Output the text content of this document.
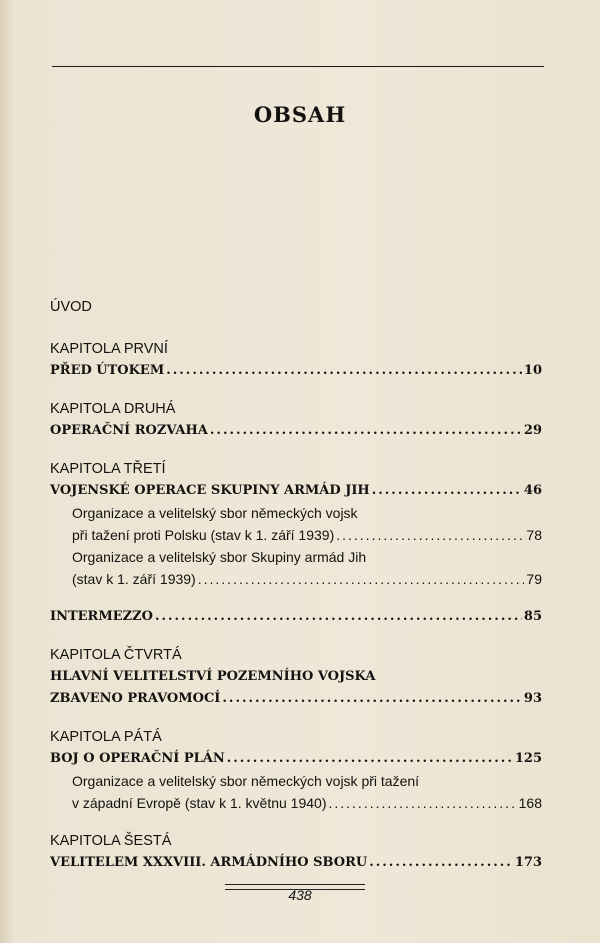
OBSAH
ÚVOD
KAPITOLA PRVNÍ
PŘED ÚTOKEM .....	10
KAPITOLA DRUHÁ
OPERAČNÍ ROZVAHA .....	29
KAPITOLA TŘETÍ
VOJENSKÉ OPERACE SKUPINY ARMÁD JIH .....	46
Organizace a velitelský sbor německých vojsk
při tažení proti Polsku (stav k 1. září 1939) .....	78
Organizace a velitelský sbor Skupiny armád Jih
(stav k 1. září 1939) .....	79
INTERMEZZO .....	85
KAPITOLA ČTVRTÁ
HLAVNÍ VELITELSTVÍ POZEMNÍHO VOJSKA
ZBAVENO PRAVOMOCÍ .....	93
KAPITOLA PÁTÁ
BOJ O OPERAČNÍ PLÁN .....	125
Organizace a velitelský sbor německých vojsk při tažení
v západní Evropě (stav k 1. květnu 1940) .....	168
KAPITOLA ŠESTÁ
VELITELEM XXXVIII. ARMÁDNÍHO SBORU .....	173
438
